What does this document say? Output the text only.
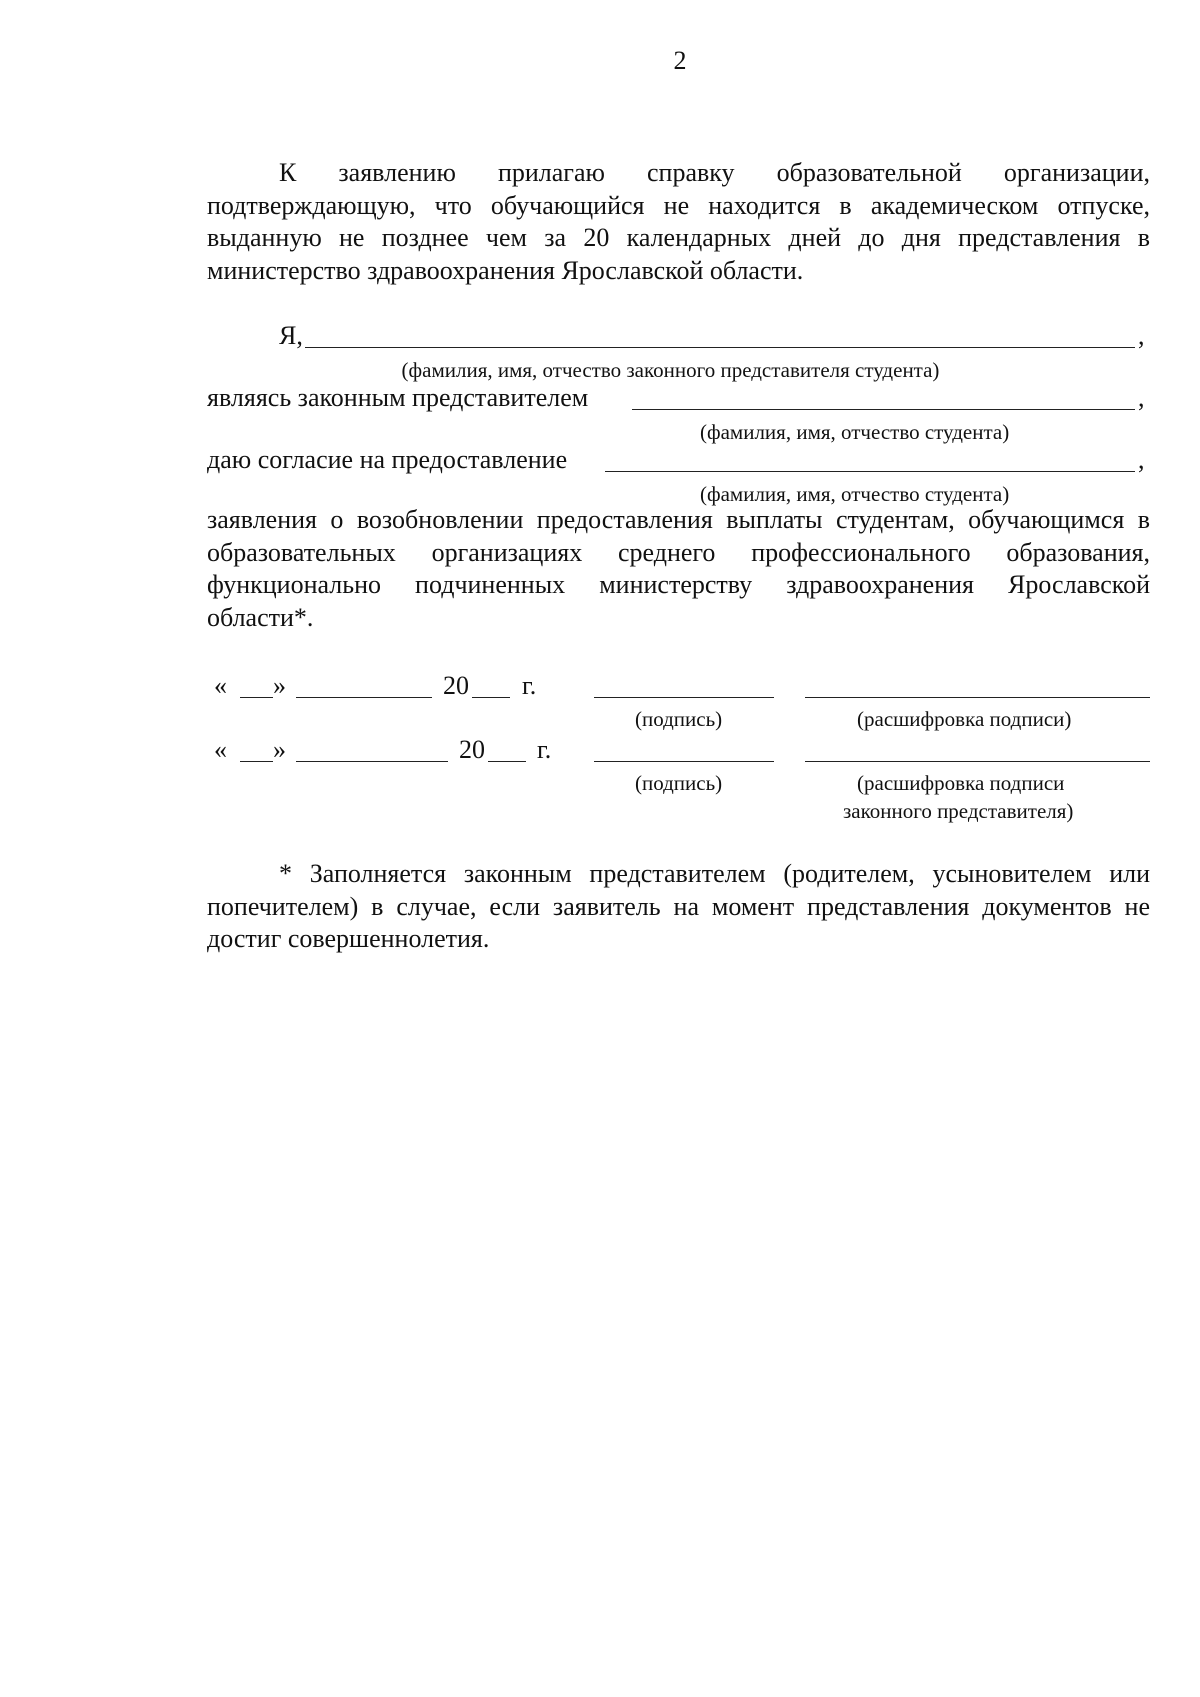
2
К заявлению прилагаю справку образовательной организации, подтверждающую, что обучающийся не находится в академическом отпуске, выданную не позднее чем за 20 календарных дней до дня представления в министерство здравоохранения Ярославской области.
Я,	,
(фамилия, имя, отчество законного представителя студента)
являясь законным представителем	,
(фамилия, имя, отчество студента)
даю согласие на предоставление	,
(фамилия, имя, отчество студента)
заявления о возобновлении предоставления выплаты студентам, обучающимся в образовательных организациях среднего профессионального образования, функционально подчиненных министерству здравоохранения Ярославской области*.
« »	20 г.
(подпись)	(расшифровка подписи)
« »	20 г.
(подпись)	(расшифровка подписи
законного представителя)
* Заполняется законным представителем (родителем, усыновителем или попечителем) в случае, если заявитель на момент представления документов не достиг совершеннолетия.
